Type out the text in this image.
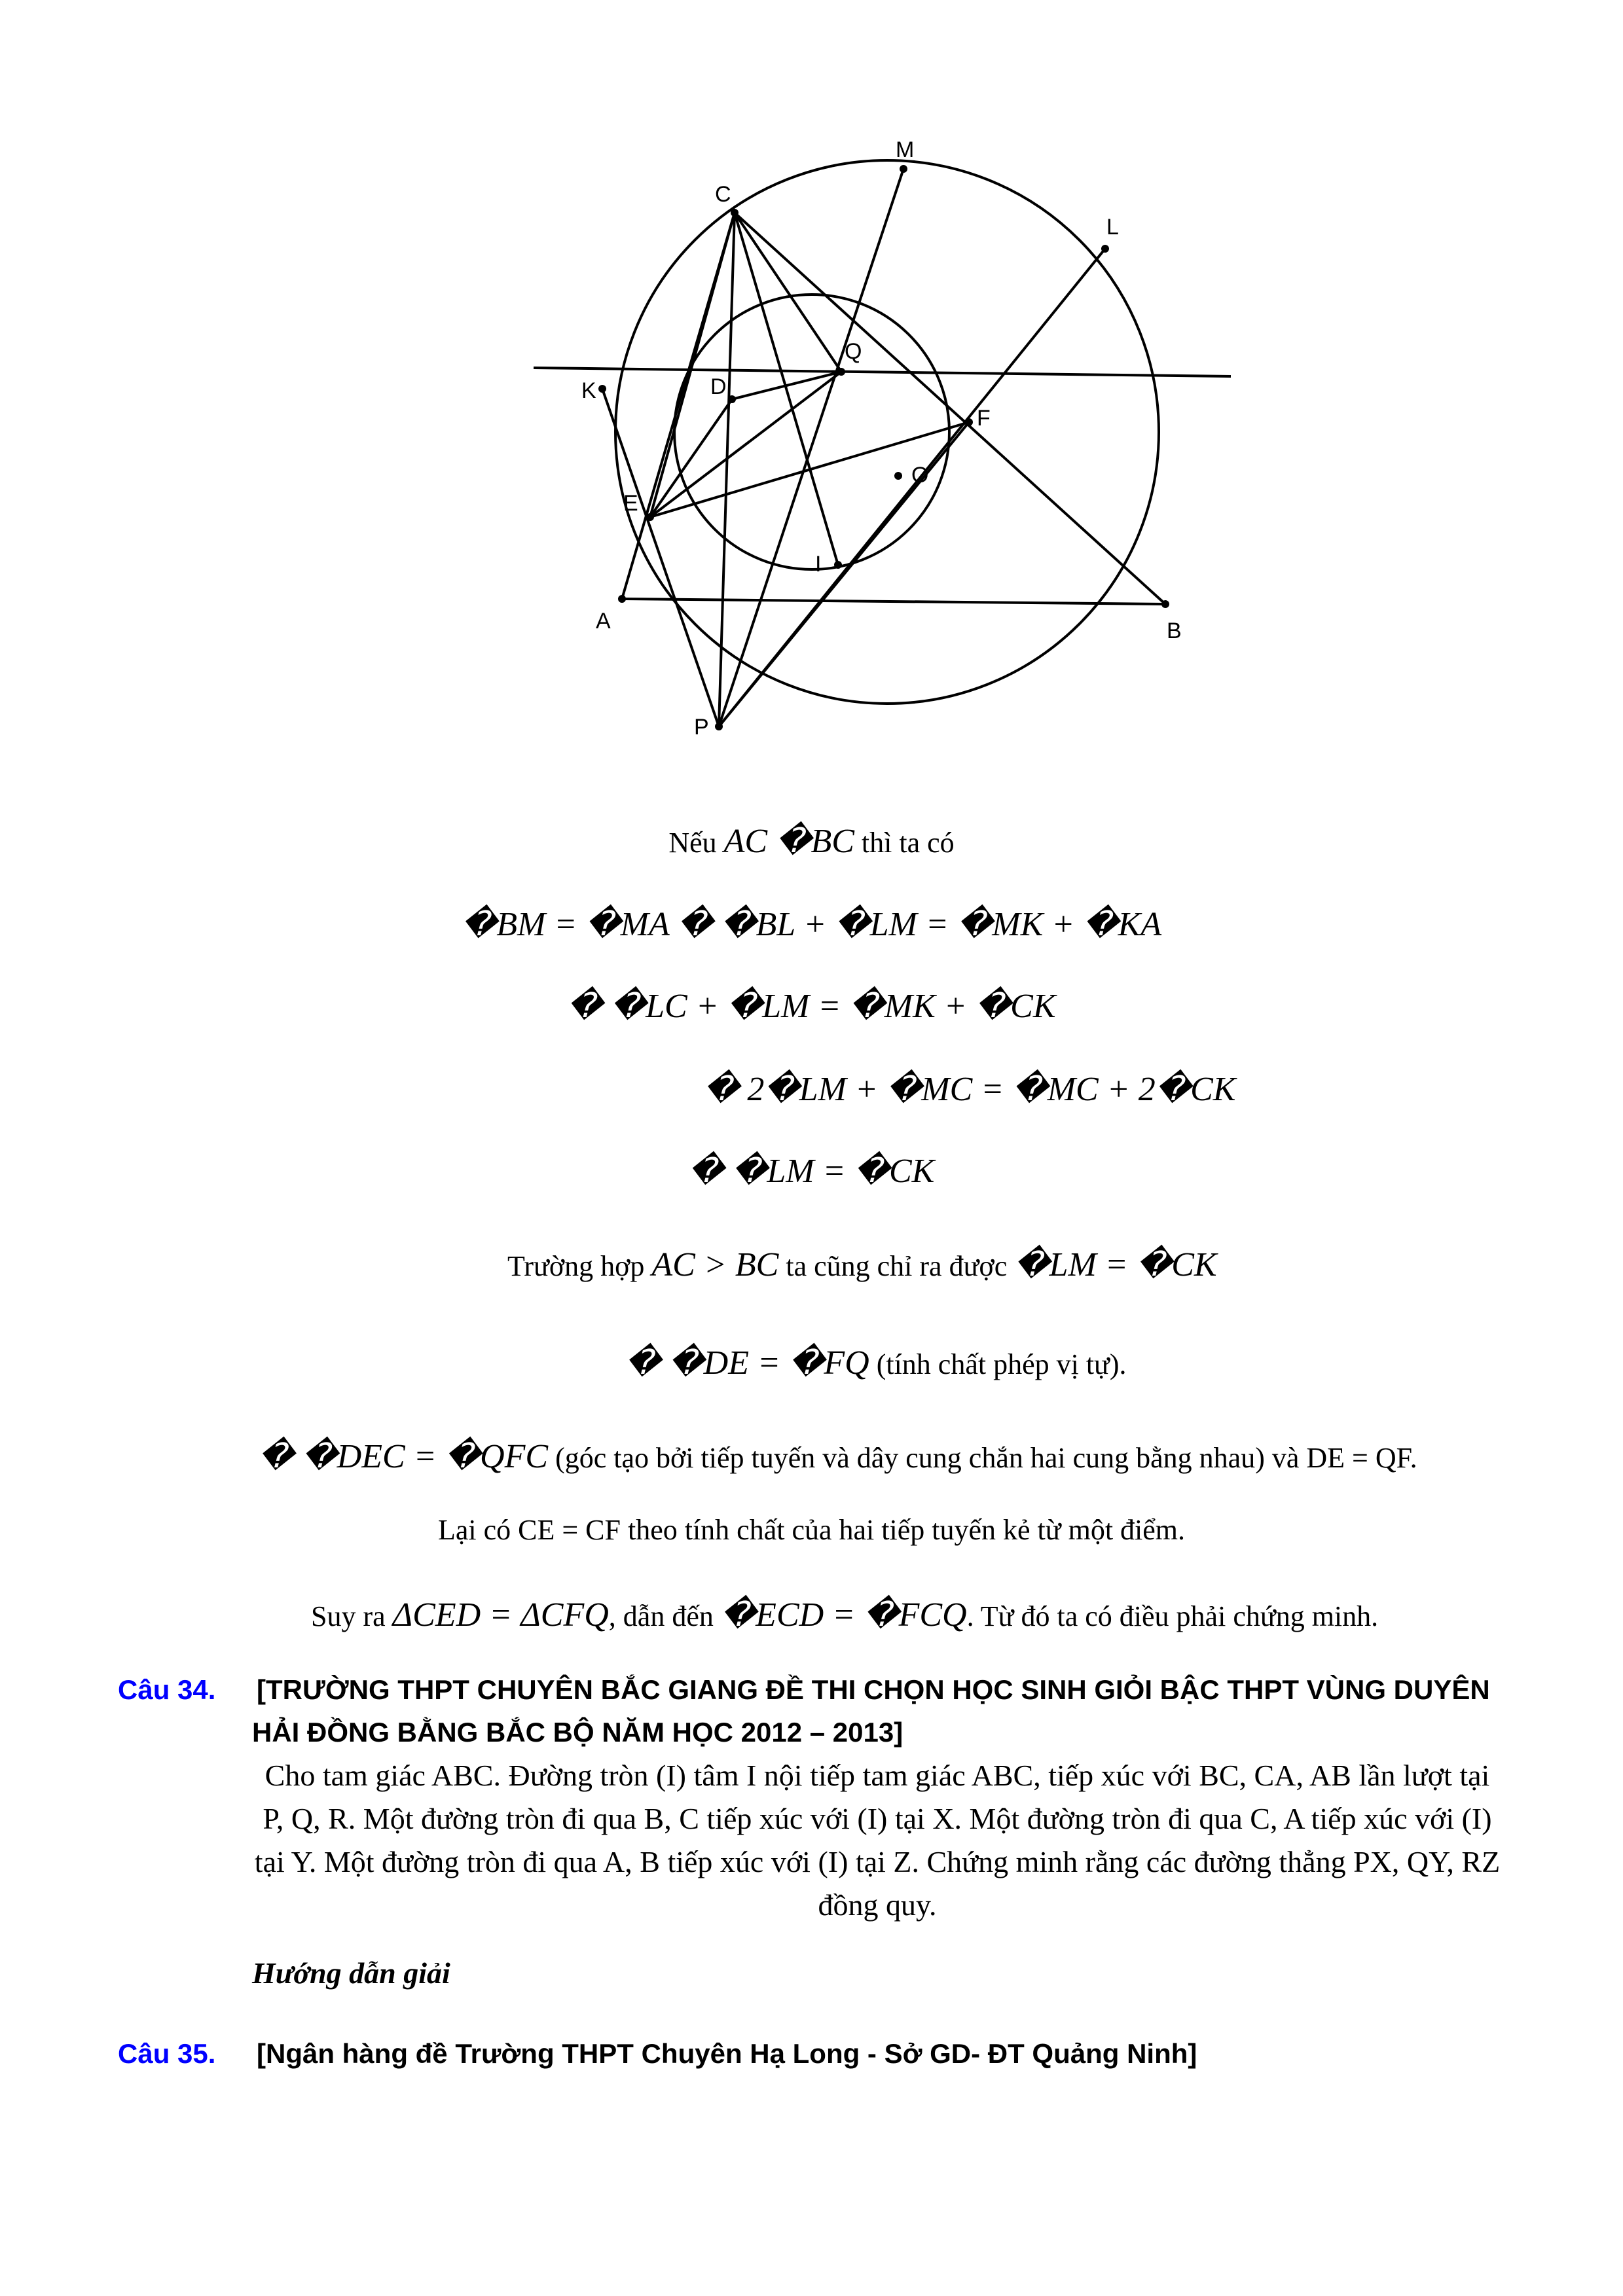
M
C
L
Q
K	D
F
O
E
I
A	B
P
Nếu AC �BC thì ta có
�BM = �MA � �BL + �LM = �MK + �KA
� �LC + �LM = �MK + �CK
� 2�LM + �MC = �MC + 2�CK
� �LM = �CK
Trường hợp AC > BC ta cũng chỉ ra được �LM = �CK
� �DE = �FQ (tính chất phép vị tự).
� �DEC = �QFC (góc tạo bởi tiếp tuyến và dây cung chắn hai cung bằng nhau) và DE = QF.
Lại có CE = CF theo tính chất của hai tiếp tuyến kẻ từ một điểm.
Suy ra ΔCED = ΔCFQ, dẫn đến �ECD = �FCQ. Từ đó ta có điều phải chứng minh.
Câu 34. [TRƯỜNG THPT CHUYÊN BẮC GIANG ĐỀ THI CHỌN HỌC SINH GIỎI BẬC THPT VÙNG DUYÊN
HẢI ĐỒNG BẰNG BẮC BỘ NĂM HỌC 2012 – 2013]
Cho tam giác ABC. Đường tròn (I) tâm I nội tiếp tam giác ABC, tiếp xúc với BC, CA, AB lần lượt tại P, Q, R. Một đường tròn đi qua B, C tiếp xúc với (I) tại X. Một đường tròn đi qua C, A tiếp xúc với (I) tại Y. Một đường tròn đi qua A, B tiếp xúc với (I) tại Z. Chứng minh rằng các đường thẳng PX, QY, RZ đồng quy.
Hướng dẫn giải
Câu 35. [Ngân hàng đề Trường THPT Chuyên Hạ Long - Sở GD- ĐT Quảng Ninh]
